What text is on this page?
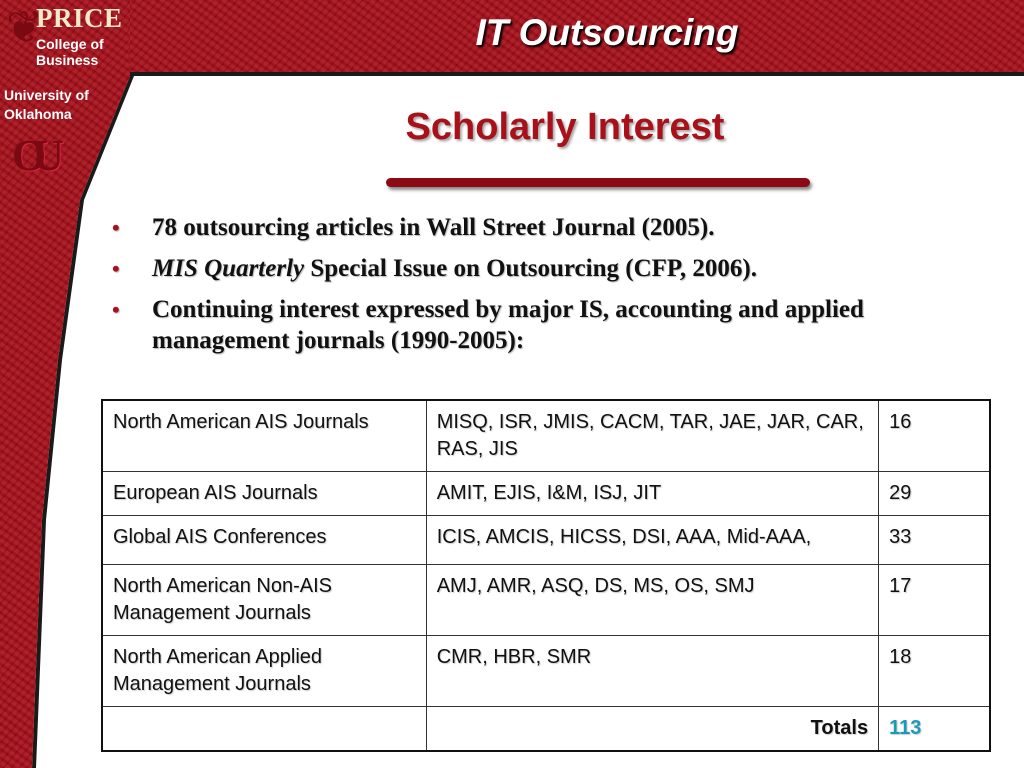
❦
PRICE
College of
Business
University of
Oklahoma
OU
IT Outsourcing
Scholarly Interest
• 78 outsourcing articles in Wall Street Journal (2005).
• MIS Quarterly Special Issue on Outsourcing (CFP, 2006).
• Continuing interest expressed by major IS, accounting and applied management journals (1990-2005):
North American AIS Journals	MISQ, ISR, JMIS, CACM, TAR, JAE, JAR, CAR, RAS, JIS	16
European AIS Journals	AMIT, EJIS, I&M, ISJ, JIT	29
Global AIS Conferences	ICIS, AMCIS, HICSS, DSI, AAA, Mid-AAA,	33
North American Non-AIS Management Journals	AMJ, AMR, ASQ, DS, MS, OS, SMJ	17
North American Applied Management Journals	CMR, HBR, SMR	18
	Totals	113
